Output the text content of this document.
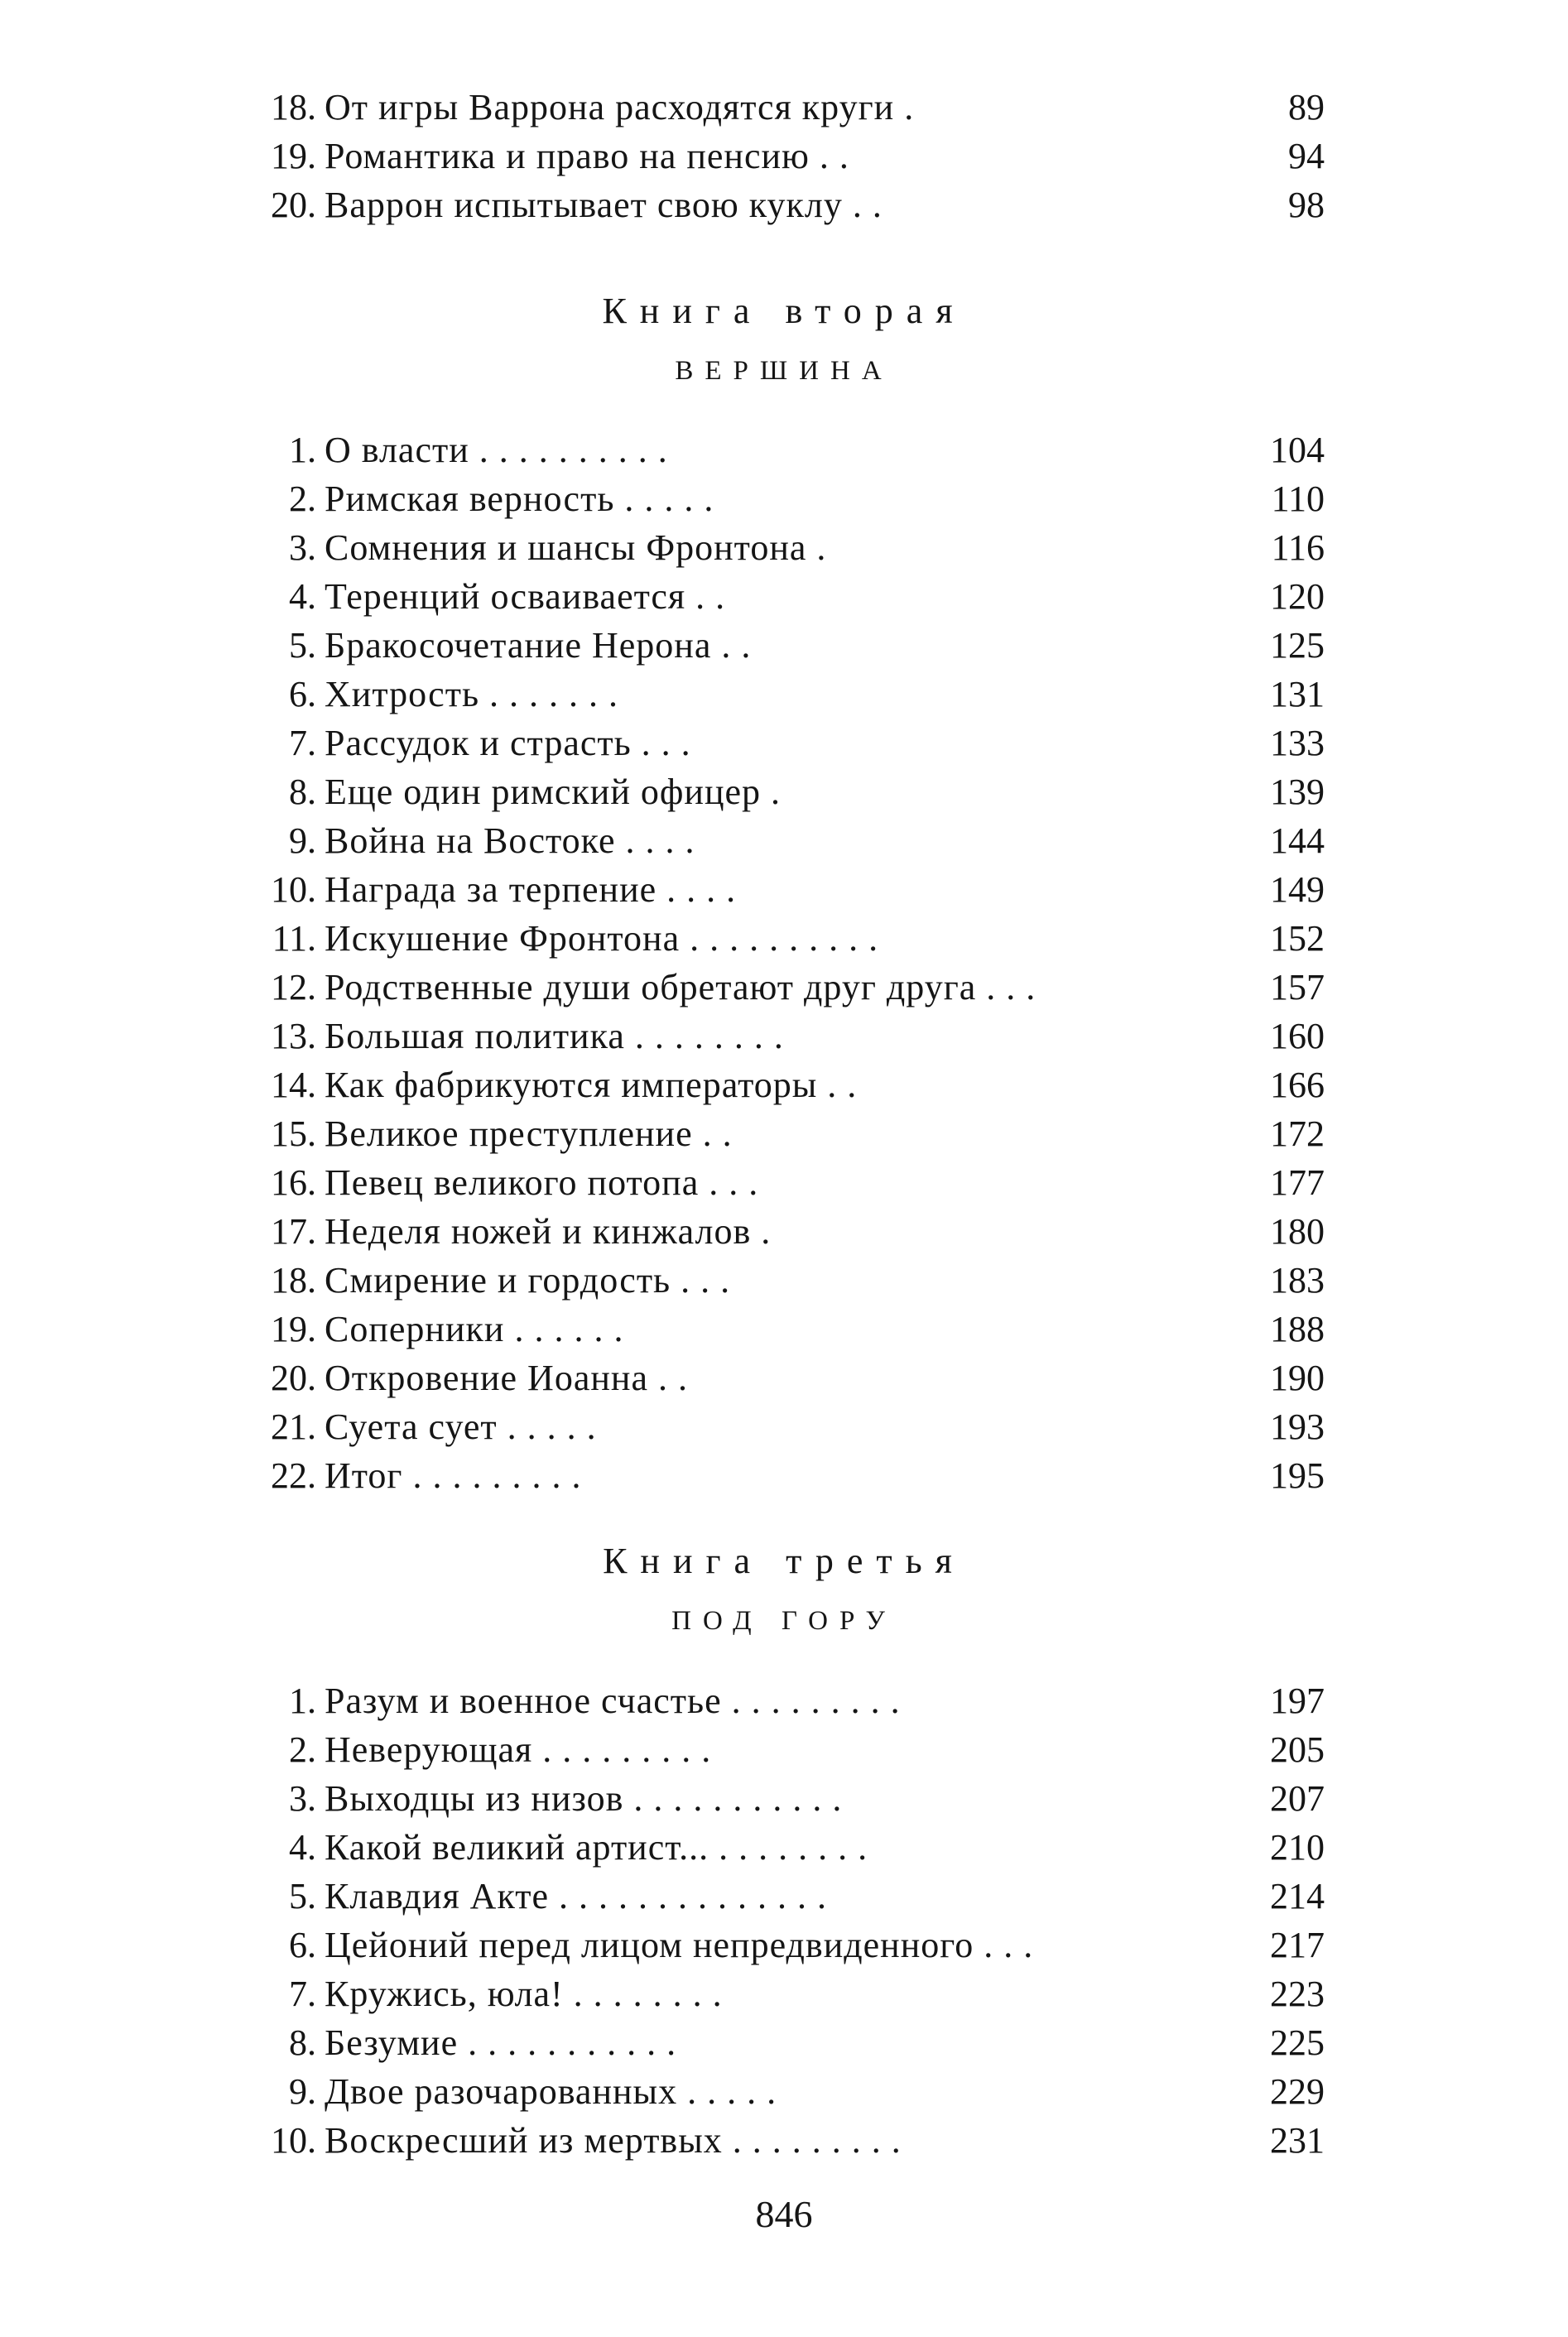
18. От игры Варрона расходятся круги .	89
19. Романтика и право на пенсию . .	94
20. Варрон испытывает свою куклу . .	98
Книга вторая
ВЕРШИНА
1. О власти . . . . . . . . . .	104
2. Римская верность . . . . .	110
3. Сомнения и шансы Фронтона .	116
4. Теренций осваивается . .	120
5. Бракосочетание Нерона . .	125
6. Хитрость . . . . . . .	131
7. Рассудок и страсть . . .	133
8. Еще один римский офицер .	139
9. Война на Востоке . . . .	144
10. Награда за терпение . . . .	149
11. Искушение Фронтона . . . . . . . . . .	152
12. Родственные души обретают друг друга . . .	157
13. Большая политика . . . . . . . .	160
14. Как фабрикуются императоры . .	166
15. Великое преступление . .	172
16. Певец великого потопа . . .	177
17. Неделя ножей и кинжалов .	180
18. Смирение и гордость . . .	183
19. Соперники . . . . . .	188
20. Откровение Иоанна . .	190
21. Суета сует . . . . .	193
22. Итог . . . . . . . . .	195
Книга третья
ПОД ГОРУ
1. Разум и военное счастье . . . . . . . . .	197
2. Неверующая . . . . . . . . .	205
3. Выходцы из низов . . . . . . . . . . .	207
4. Какой великий артист... . . . . . . . .	210
5. Клавдия Акте . . . . . . . . . . . . . .	214
6. Цейоний перед лицом непредвиденного . . .	217
7. Кружись, юла! . . . . . . . .	223
8. Безумие . . . . . . . . . . .	225
9. Двое разочарованных . . . . .	229
10. Воскресший из мертвых . . . . . . . . .	231
846
